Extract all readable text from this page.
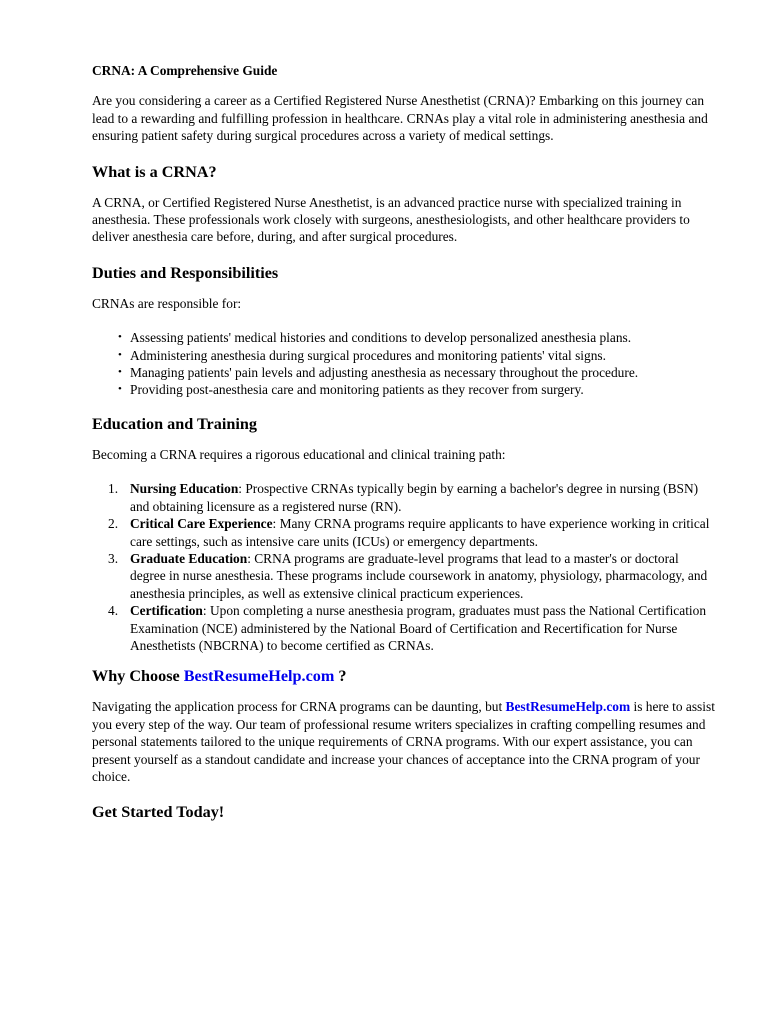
CRNA: A Comprehensive Guide

Are you considering a career as a Certified Registered Nurse Anesthetist (CRNA)? Embarking on this journey can lead to a rewarding and fulfilling profession in healthcare. CRNAs play a vital role in administering anesthesia and ensuring patient safety during surgical procedures across a variety of medical settings.

What is a CRNA?

A CRNA, or Certified Registered Nurse Anesthetist, is an advanced practice nurse with specialized training in anesthesia. These professionals work closely with surgeons, anesthesiologists, and other healthcare providers to deliver anesthesia care before, during, and after surgical procedures.

Duties and Responsibilities

CRNAs are responsible for:

• Assessing patients' medical histories and conditions to develop personalized anesthesia plans.
• Administering anesthesia during surgical procedures and monitoring patients' vital signs.
• Managing patients' pain levels and adjusting anesthesia as necessary throughout the procedure.
• Providing post-anesthesia care and monitoring patients as they recover from surgery.
Education and Training

Becoming a CRNA requires a rigorous educational and clinical training path:

1. Nursing Education: Prospective CRNAs typically begin by earning a bachelor's degree in nursing (BSN) and obtaining licensure as a registered nurse (RN).
2. Critical Care Experience: Many CRNA programs require applicants to have experience working in critical care settings, such as intensive care units (ICUs) or emergency departments.
3. Graduate Education: CRNA programs are graduate-level programs that lead to a master's or doctoral degree in nurse anesthesia. These programs include coursework in anatomy, physiology, pharmacology, and anesthesia principles, as well as extensive clinical practicum experiences.
4. Certification: Upon completing a nurse anesthesia program, graduates must pass the National Certification Examination (NCE) administered by the National Board of Certification and Recertification for Nurse Anesthetists (NBCRNA) to become certified as CRNAs.
Why Choose BestResumeHelp.com ?

Navigating the application process for CRNA programs can be daunting, but BestResumeHelp.com is here to assist you every step of the way. Our team of professional resume writers specializes in crafting compelling resumes and personal statements tailored to the unique requirements of CRNA programs. With our expert assistance, you can present yourself as a standout candidate and increase your chances of acceptance into the CRNA program of your choice.

Get Started Today!
